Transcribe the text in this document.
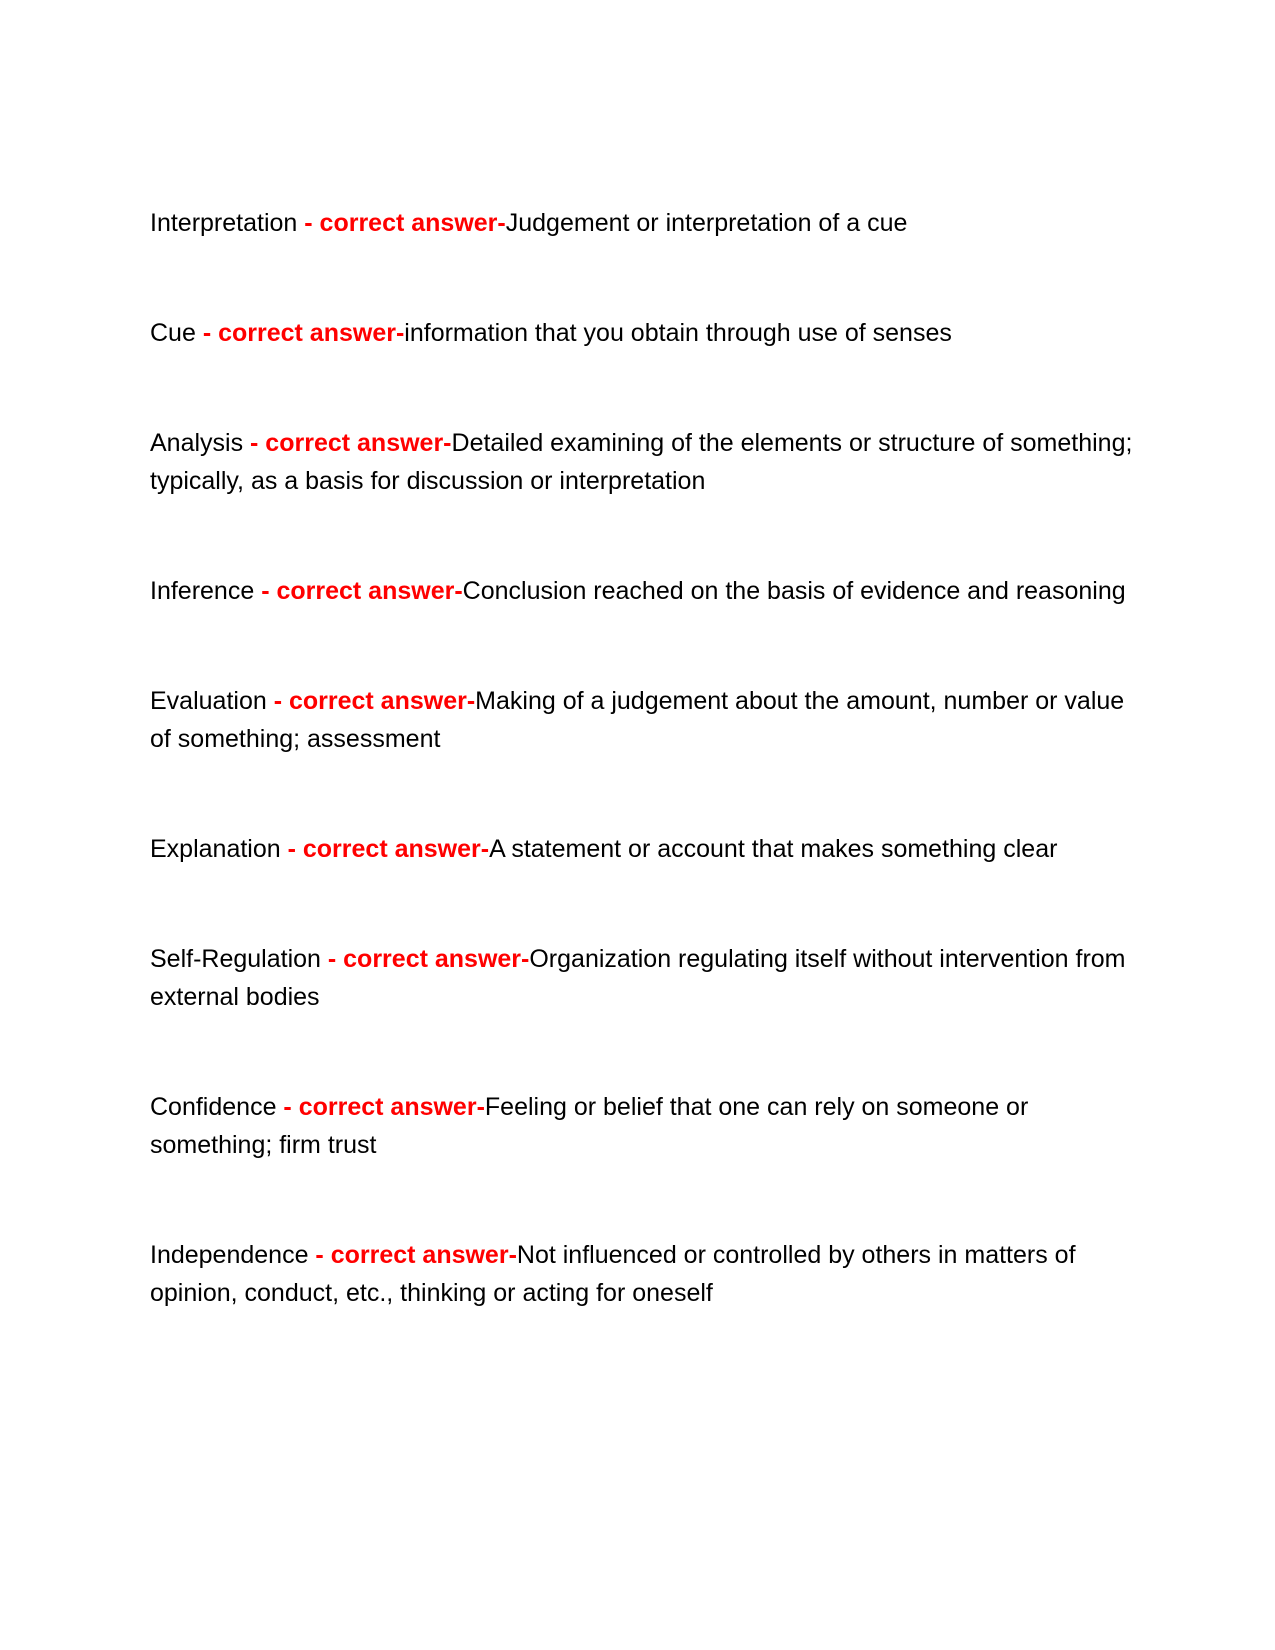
Interpretation - correct answer-Judgement or interpretation of a cue

Cue - correct answer-information that you obtain through use of senses

Analysis - correct answer-Detailed examining of the elements or structure of something; typically, as a basis for discussion or interpretation

Inference - correct answer-Conclusion reached on the basis of evidence and reasoning

Evaluation - correct answer-Making of a judgement about the amount, number or value of something; assessment

Explanation - correct answer-A statement or account that makes something clear

Self-Regulation - correct answer-Organization regulating itself without intervention from external bodies

Confidence - correct answer-Feeling or belief that one can rely on someone or something; firm trust

Independence - correct answer-Not influenced or controlled by others in matters of opinion, conduct, etc., thinking or acting for oneself
